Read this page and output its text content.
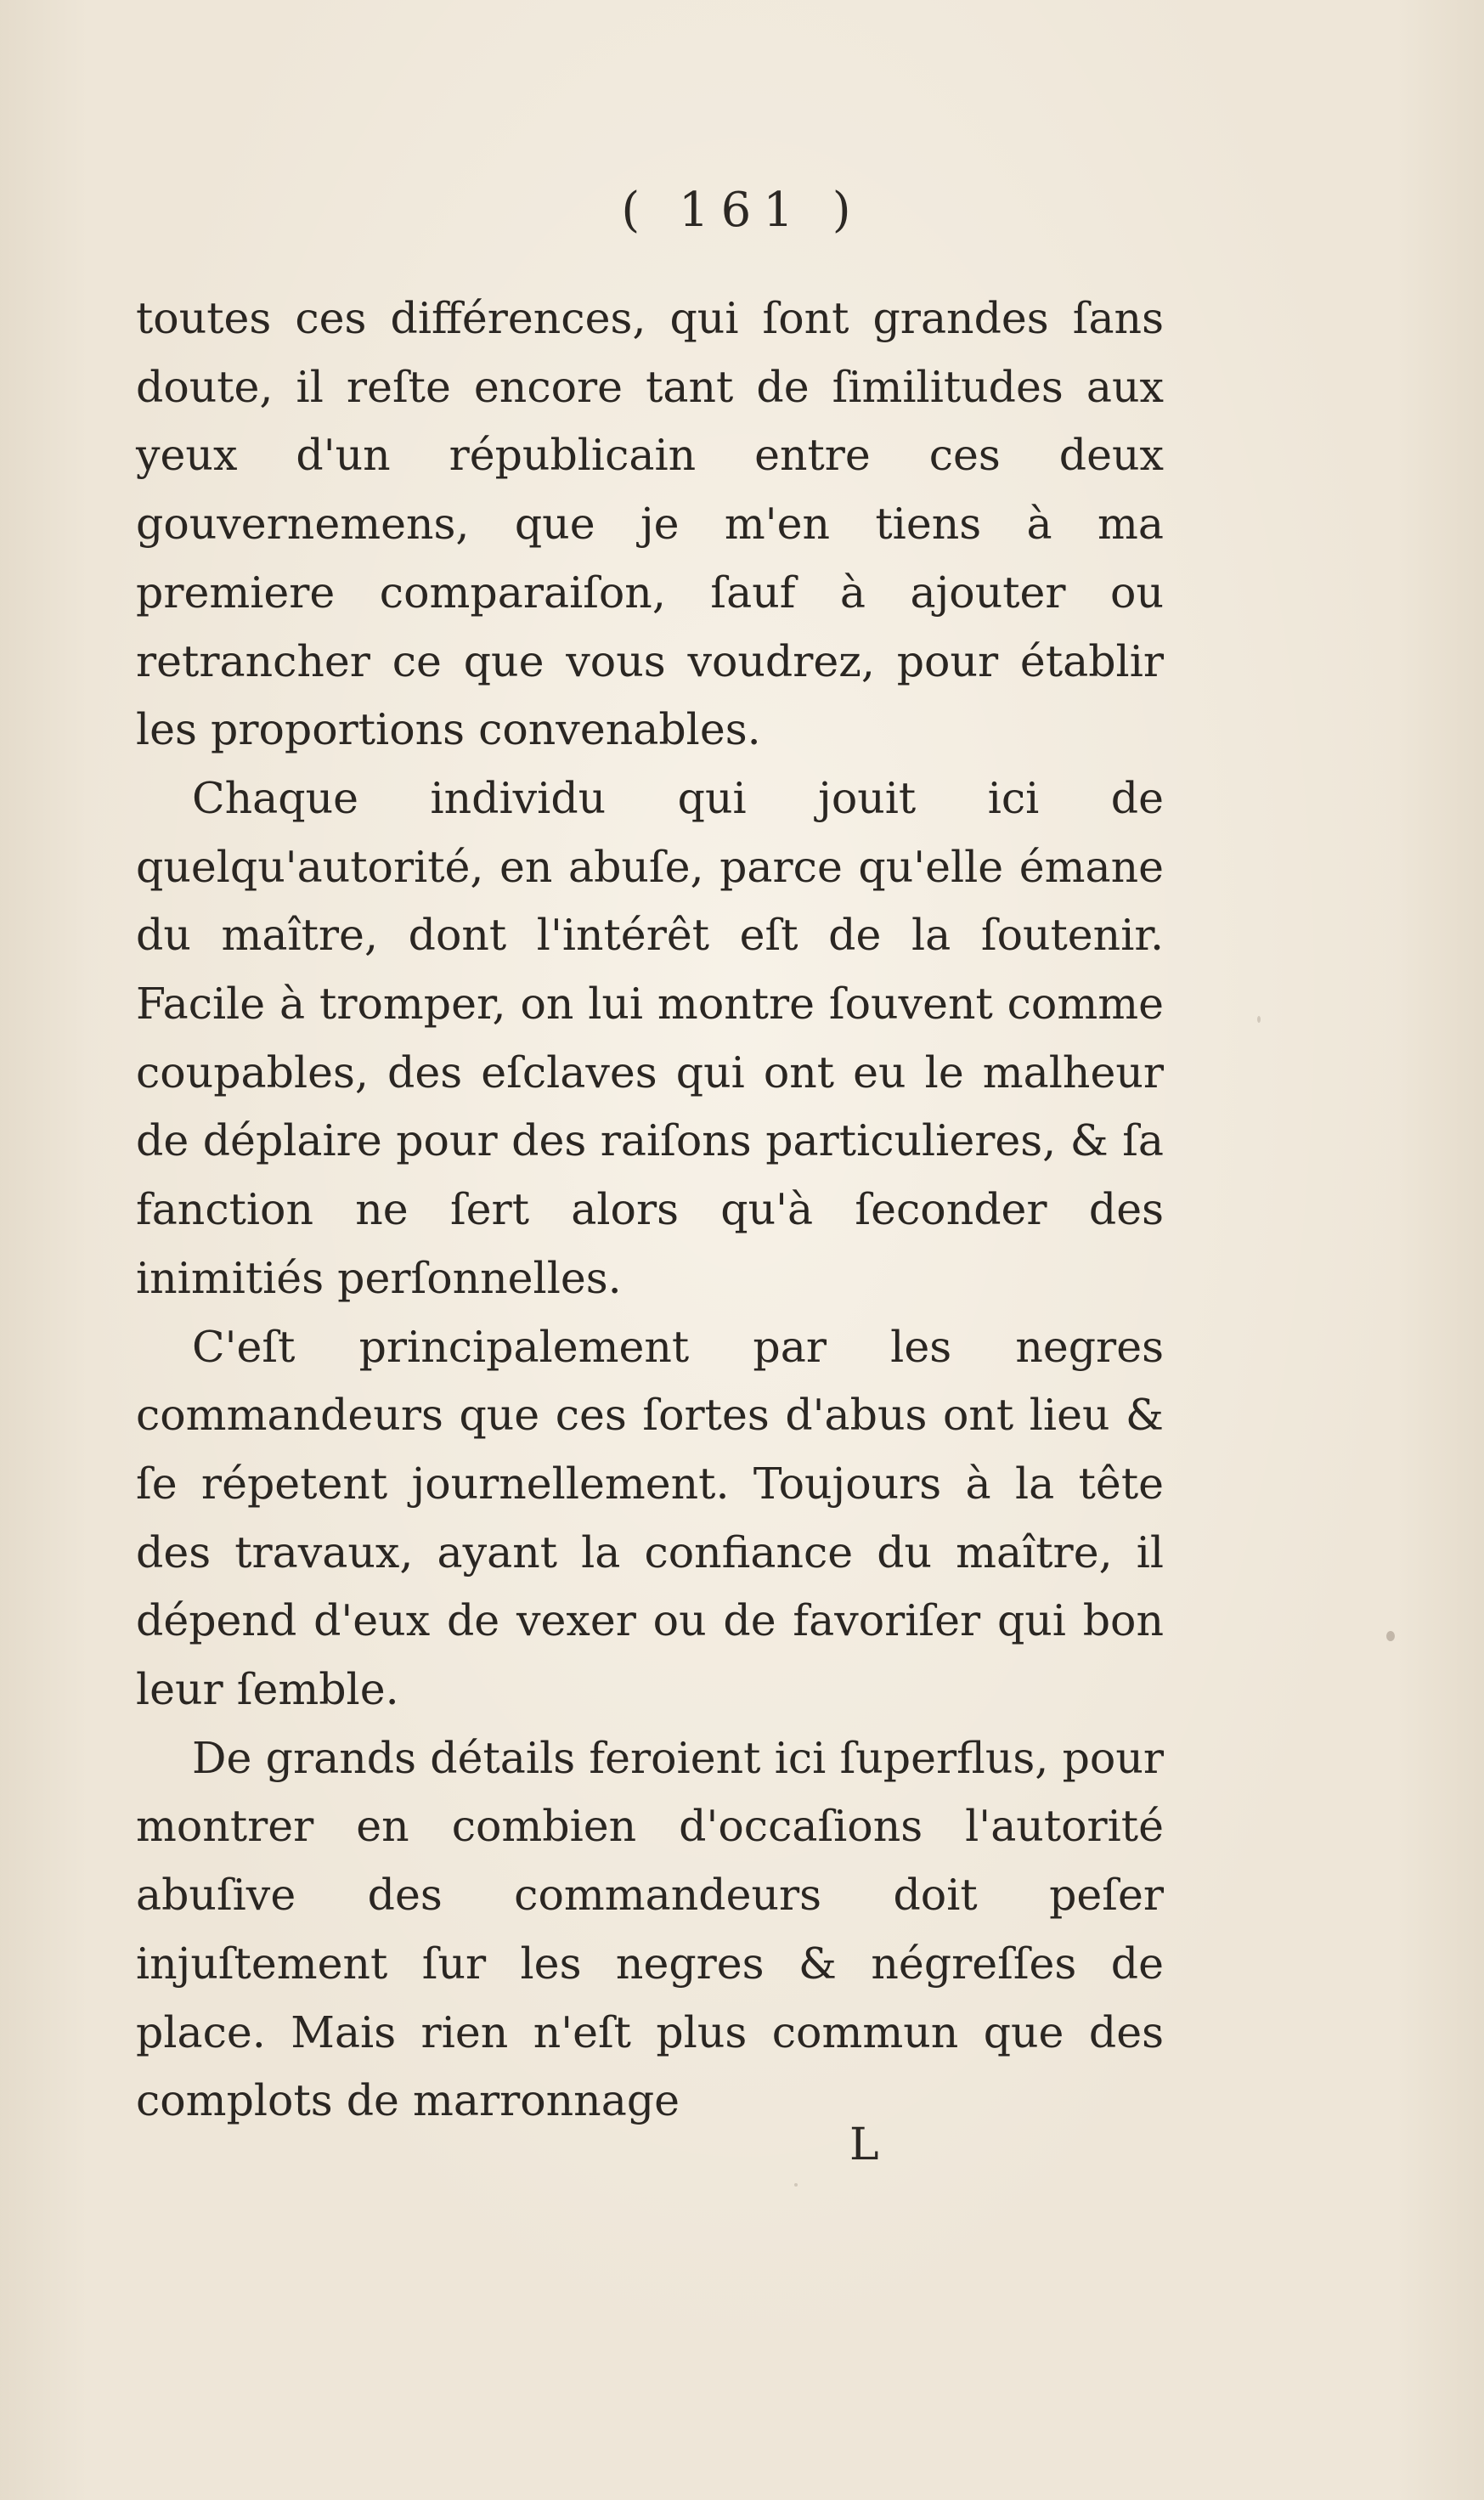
( 161 )

toutes ces différences, qui ſont grandes ſans doute, il reſte encore tant de ſimilitudes aux yeux d'un républicain entre ces deux gouvernemens, que je m'en tiens à ma premiere comparaiſon, ſauf à ajouter ou retrancher ce que vous voudrez, pour établir les proportions convenables.

Chaque individu qui jouit ici de quelqu'autorité, en abuſe, parce qu'elle émane du maître, dont l'intérêt eſt de la ſoutenir. Facile à tromper, on lui montre ſouvent comme coupables, des eſclaves qui ont eu le malheur de déplaire pour des raiſons particulieres, & ſa fanction ne ſert alors qu'à ſeconder des inimitiés perſonnelles.

C'eſt principalement par les negres commandeurs que ces ſortes d'abus ont lieu & ſe répetent journellement. Toujours à la tête des travaux, ayant la confiance du maître, il dépend d'eux de vexer ou de favoriſer qui bon leur ſemble.

De grands détails feroient ici ſuperflus, pour montrer en combien d'occaſions l'autorité abuſive des commandeurs doit peſer injuſtement ſur les negres & négreſſes de place. Mais rien n'eſt plus commun que des complots de marronnage

L
